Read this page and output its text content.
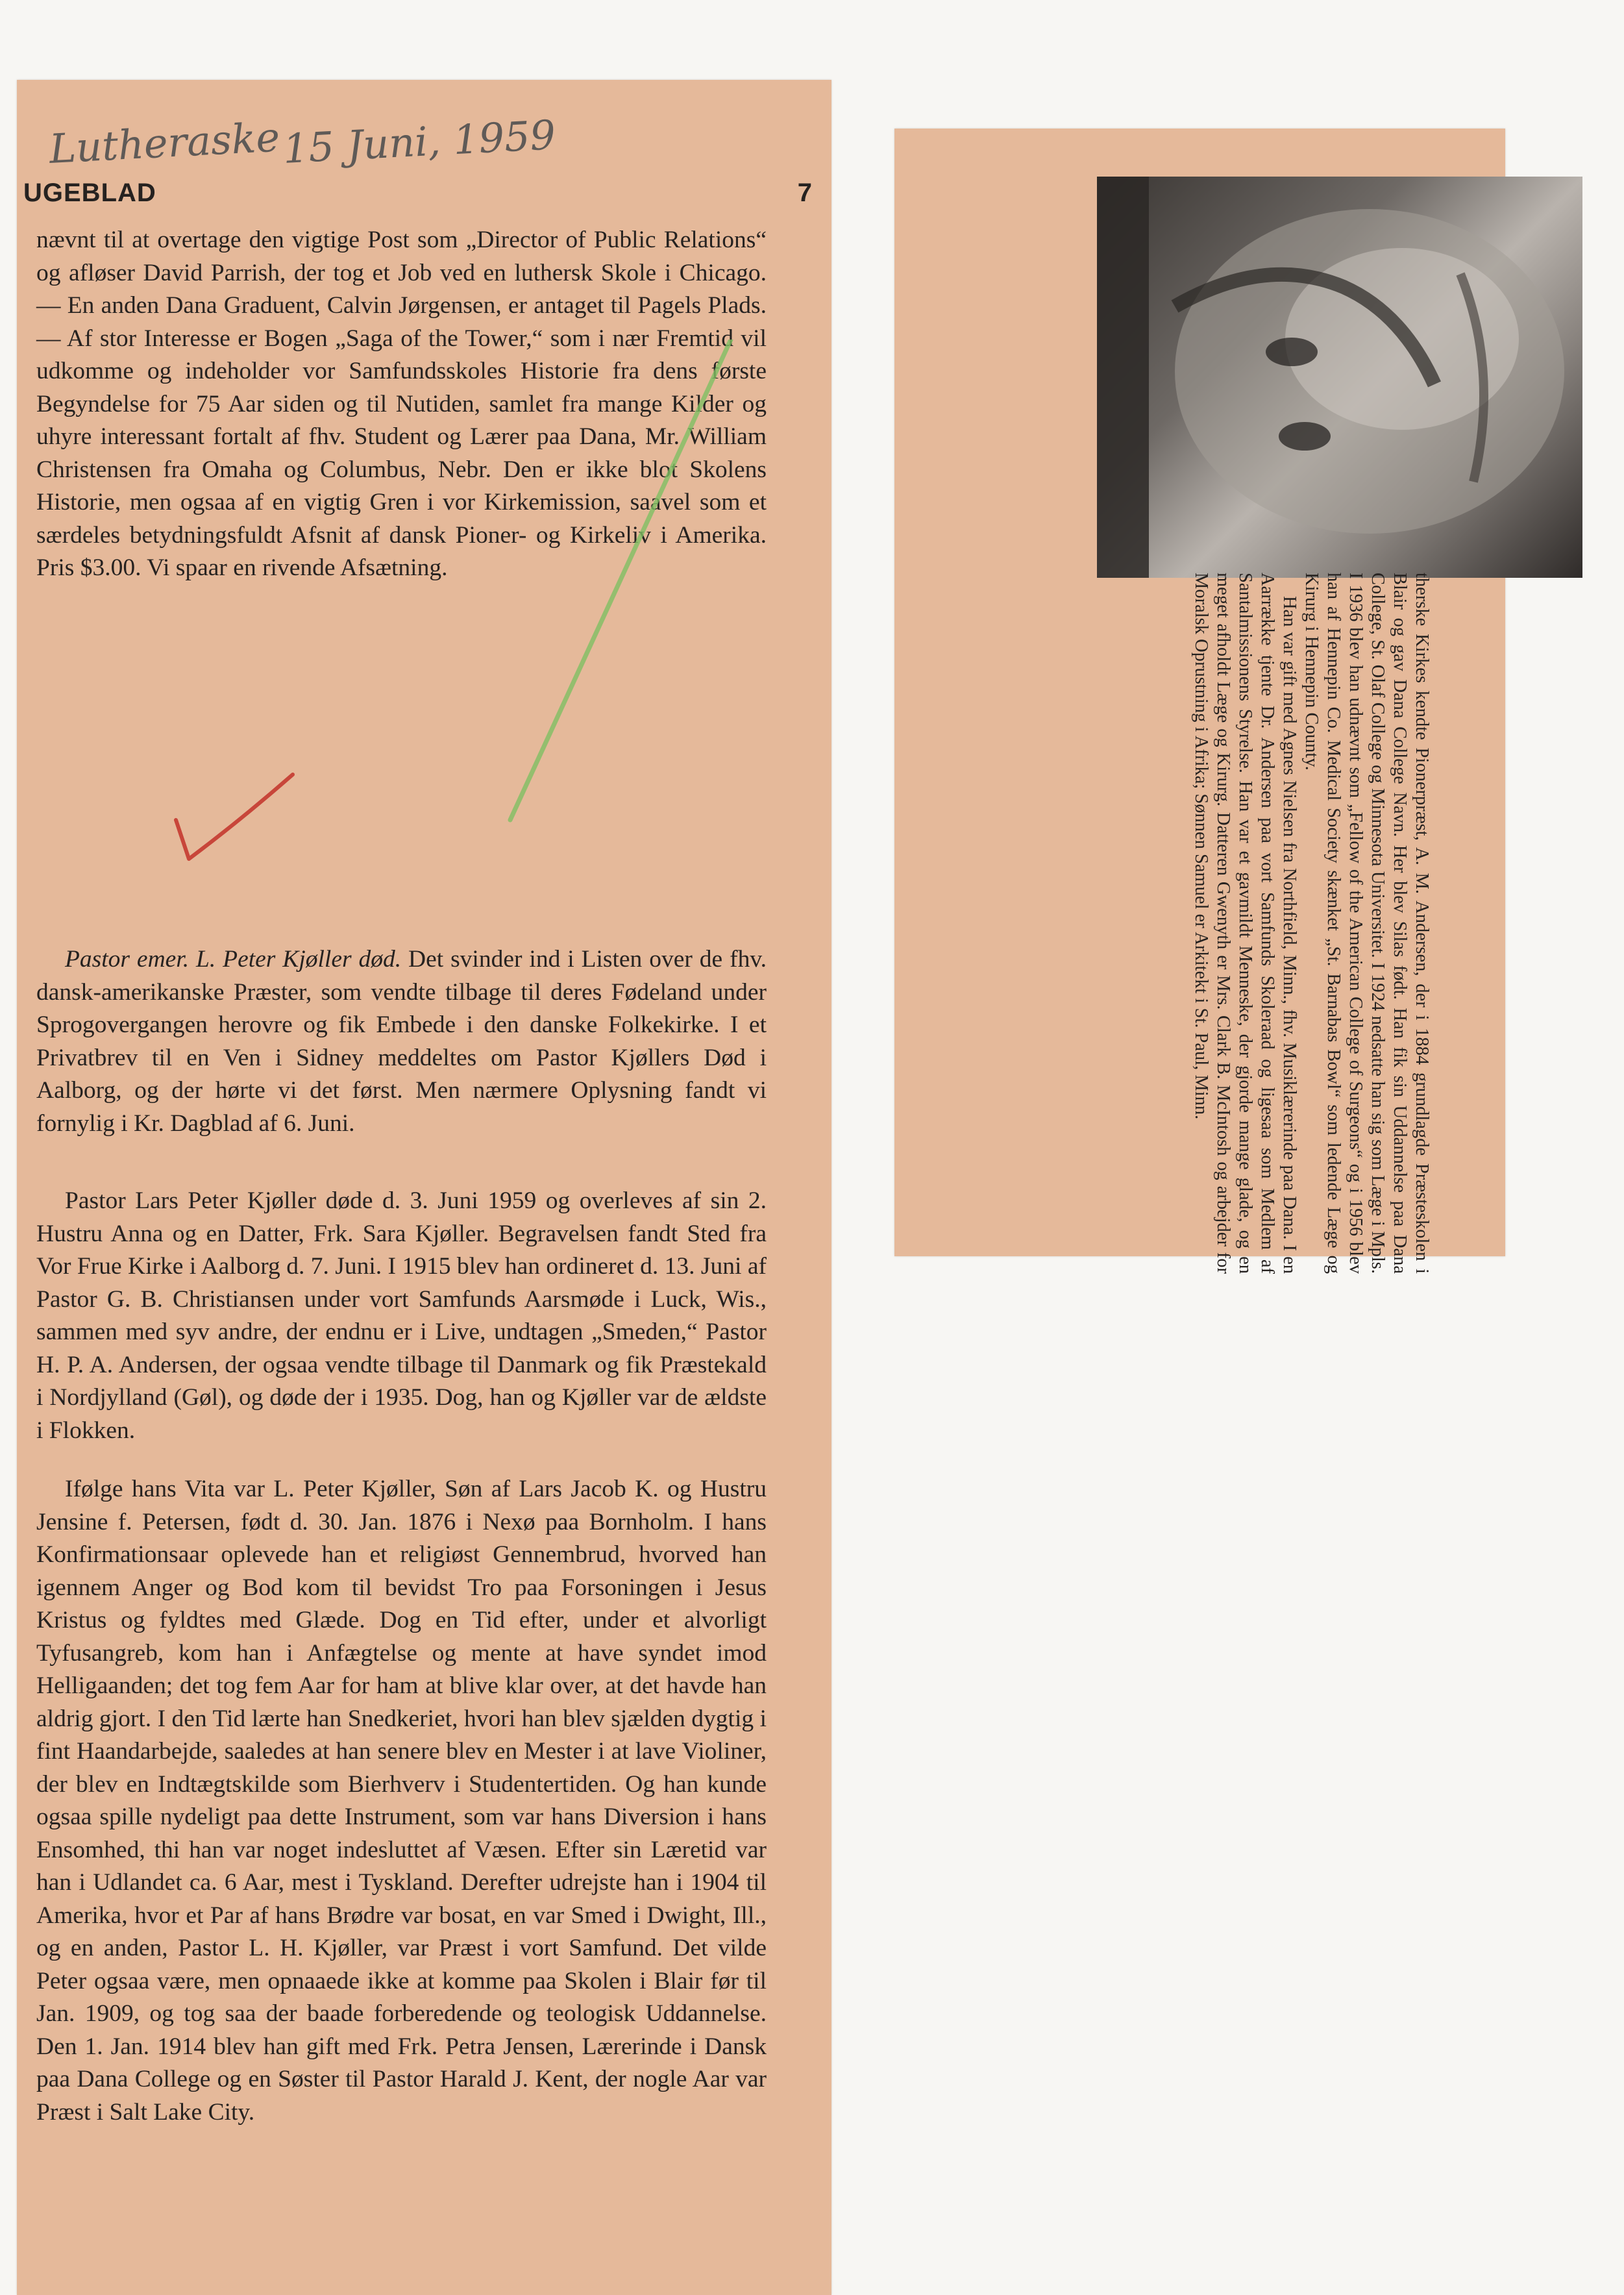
Lutheraske 15 Juni, 1959
UGEBLAD	7

nævnt til at overtage den vigtige Post som „Director of Public Relations“ og afløser David Parrish, der tog et Job ved en luthersk Skole i Chicago. — En anden Dana Graduent, Calvin Jørgensen, er antaget til Pagels Plads. — Af stor Interesse er Bogen „Saga of the Tower,“ som i nær Fremtid vil udkomme og indeholder vor Samfundsskoles Historie fra dens første Begyndelse for 75 Aar siden og til Nutiden, samlet fra mange Kilder og uhyre interessant fortalt af fhv. Student og Lærer paa Dana, Mr. William Christensen fra Omaha og Columbus, Nebr. Den er ikke blot Skolens Historie, men ogsaa af en vigtig Gren i vor Kirkemission, saavel som et særdeles betydningsfuldt Afsnit af dansk Pioner- og Kirkeliv i Amerika. Pris $3.00. Vi spaar en rivende Afsætning.

Pastor emer. L. Peter Kjøller død. Det svinder ind i Listen over de fhv. dansk-amerikanske Præster, som vendte tilbage til deres Fødeland under Sprogovergangen herovre og fik Embede i den danske Folkekirke. I et Privatbrev til en Ven i Sidney meddeltes om Pastor Kjøllers Død i Aalborg, og der hørte vi det først. Men nærmere Oplysning fandt vi fornylig i Kr. Dagblad af 6. Juni.

Pastor Lars Peter Kjøller døde d. 3. Juni 1959 og overleves af sin 2. Hustru Anna og en Datter, Frk. Sara Kjøller. Begravelsen fandt Sted fra Vor Frue Kirke i Aalborg d. 7. Juni. I 1915 blev han ordineret d. 13. Juni af Pastor G. B. Christiansen under vort Samfunds Aarsmøde i Luck, Wis., sammen med syv andre, der endnu er i Live, undtagen „Smeden,“ Pastor H. P. A. Andersen, der ogsaa vendte tilbage til Danmark og fik Præstekald i Nordjylland (Gøl), og døde der i 1935. Dog, han og Kjøller var de ældste i Flokken.

Ifølge hans Vita var L. Peter Kjøller, Søn af Lars Jacob K. og Hustru Jensine f. Petersen, født d. 30. Jan. 1876 i Nexø paa Bornholm. I hans Konfirmationsaar oplevede han et religiøst Gennembrud, hvorved han igennem Anger og Bod kom til bevidst Tro paa Forsoningen i Jesus Kristus og fyldtes med Glæde. Dog en Tid efter, under et alvorligt Tyfusangreb, kom han i Anfægtelse og mente at have syndet imod Helligaanden; det tog fem Aar for ham at blive klar over, at det havde han aldrig gjort. I den Tid lærte han Snedkeriet, hvori han blev sjælden dygtig i fint Haandarbejde, saaledes at han senere blev en Mester i at lave Violiner, der blev en Indtægtskilde som Bierhverv i Studentertiden. Og han kunde ogsaa spille nydeligt paa dette Instrument, som var hans Diversion i hans Ensomhed, thi han var noget indesluttet af Væsen. Efter sin Læretid var han i Udlandet ca. 6 Aar, mest i Tyskland. Derefter udrejste han i 1904 til Amerika, hvor et Par af hans Brødre var bosat, en var Smed i Dwight, Ill., og en anden, Pastor L. H. Kjøller, var Præst i vort Samfund. Det vilde Peter ogsaa være, men opnaaede ikke at komme paa Skolen i Blair før til Jan. 1909, og tog saa der baade forberedende og teologisk Uddannelse. Den 1. Jan. 1914 blev han gift med Frk. Petra Jensen, Lærerinde i Dansk paa Dana College og en Søster til Pastor Harald J. Kent, der nogle Aar var Præst i Salt Lake City.

therske Kirkes kendte Pionerpræst, A. M. Andersen, der i 1884 grundlagde Præsteskolen i Blair og gav Dana College Navn. Her blev Silas født. Han fik sin Uddannelse paa Dana College, St. Olaf College og Minnesota Universitet. I 1924 nedsatte han sig som Læge i Mpls. I 1936 blev han udnævnt som „Fellow of the American College of Surgeons“ og i 1956 blev han af Hennepin Co. Medical Society skænket „St. Barnabas Bowl“ som ledende Læge og Kirurg i Hennepin County.

Han var gift med Agnes Nielsen fra Northfield, Minn., fhv. Musiklærerinde paa Dana. I en Aarrække tjente Dr. Andersen paa vort Samfunds Skoleraad og ligesaa som Medlem af Santalmissionens Styrelse. Han var et gavmildt Menneske, der gjorde mange glade, og en meget afholdt Læge og Kirurg. Datteren Gwenyth er Mrs. Clark B. McIntosh og arbejder for Moralsk Oprustning i Afrika; Sønnen Samuel er Arkitekt i St. Paul, Minn.
